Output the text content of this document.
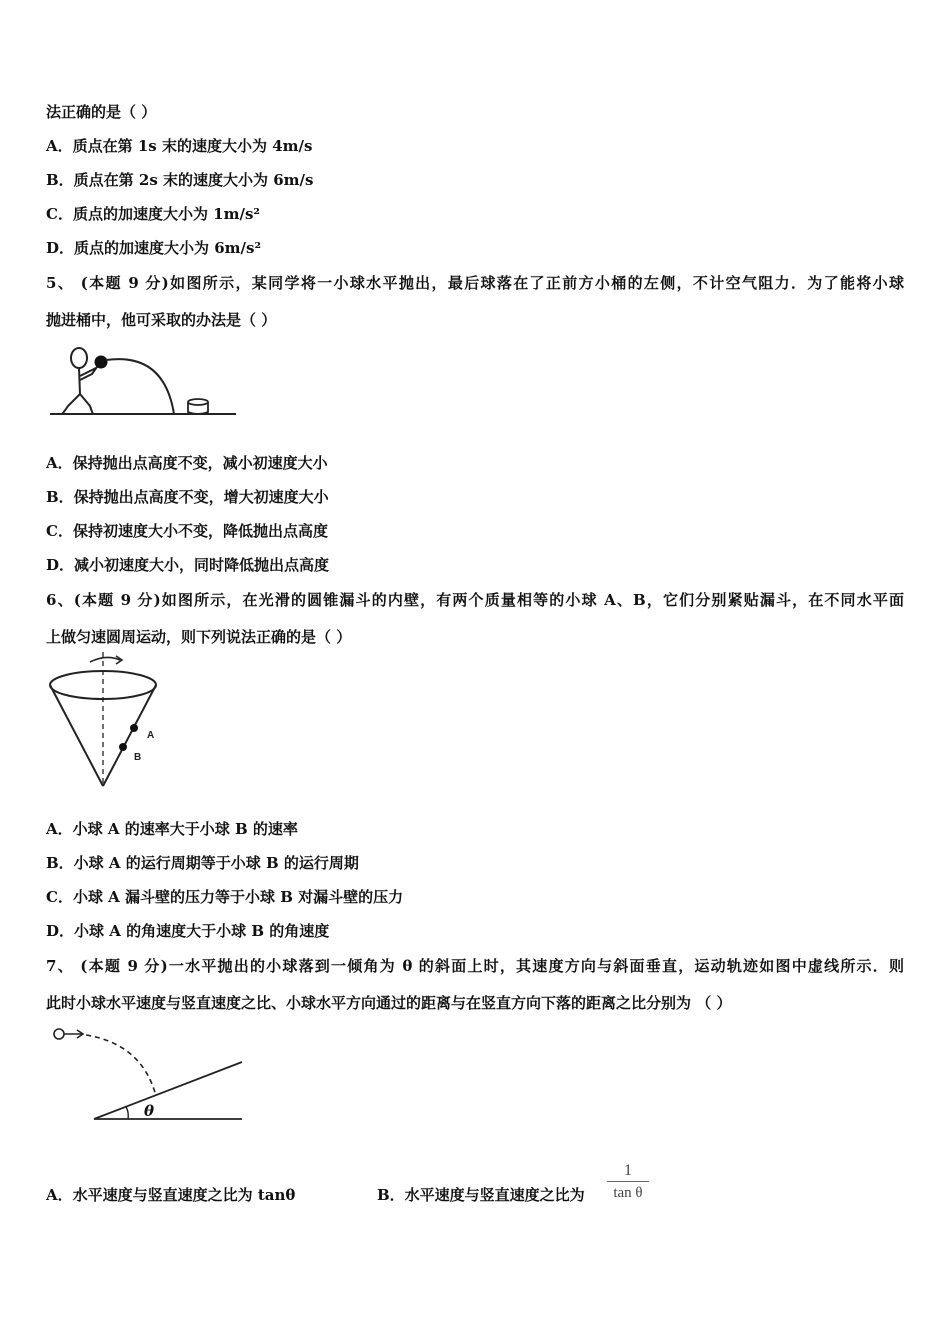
法正确的是（ ）
A．质点在第 1s 末的速度大小为 4m/s
B．质点在第 2s 末的速度大小为 6m/s
C．质点的加速度大小为 1m/s²
D．质点的加速度大小为 6m/s²
5、 (本题 9 分)如图所示，某同学将一小球水平抛出，最后球落在了正前方小桶的左侧，不计空气阻力．为了能将小球
抛进桶中，他可采取的办法是（ ）
A．保持抛出点高度不变，减小初速度大小
B．保持抛出点高度不变，增大初速度大小
C．保持初速度大小不变，降低抛出点高度
D．减小初速度大小，同时降低抛出点高度
6、(本题 9 分)如图所示，在光滑的圆锥漏斗的内壁，有两个质量相等的小球 A、B，它们分别紧贴漏斗，在不同水平面
上做匀速圆周运动，则下列说法正确的是（ ）
A
B
A．小球 A 的速率大于小球 B 的速率
B．小球 A 的运行周期等于小球 B 的运行周期
C．小球 A 漏斗壁的压力等于小球 B 对漏斗壁的压力
D．小球 A 的角速度大于小球 B 的角速度
7、 (本题 9 分)一水平抛出的小球落到一倾角为 θ 的斜面上时，其速度方向与斜面垂直，运动轨迹如图中虚线所示．则
此时小球水平速度与竖直速度之比、小球水平方向通过的距离与在竖直方向下落的距离之比分别为 （ ）
θ
A．水平速度与竖直速度之比为 tanθ	B．水平速度与竖直速度之比为
1
tan θ
